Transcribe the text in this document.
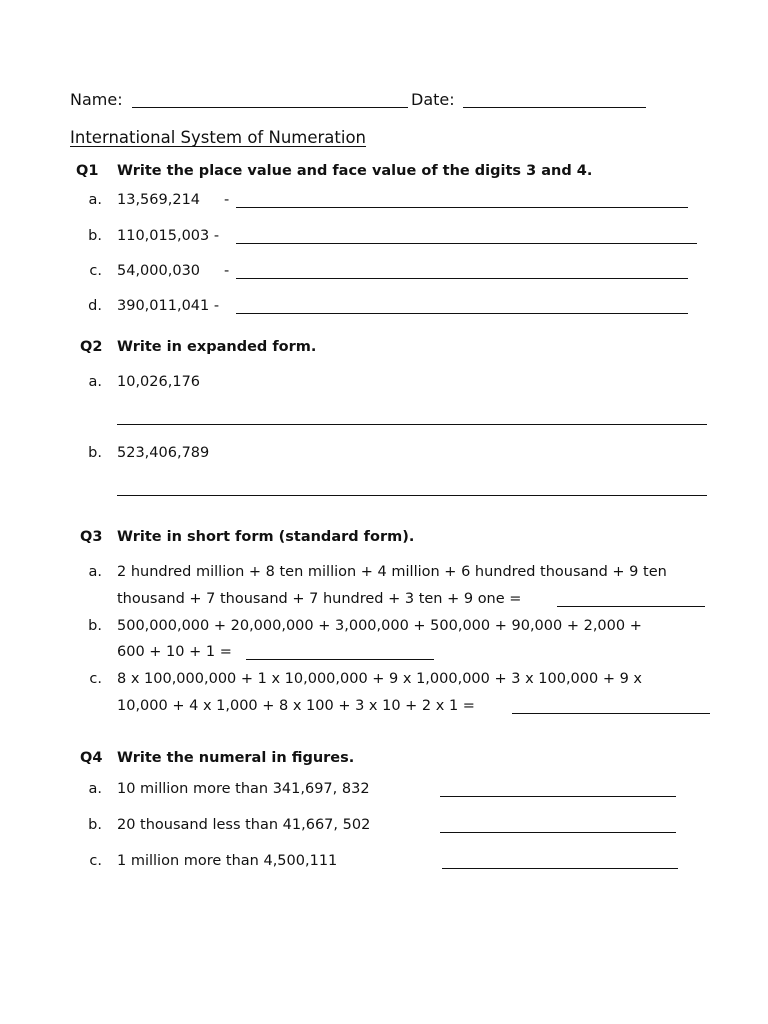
Name:	Date:
International System of Numeration
Q1 Write the place value and face value of the digits 3 and 4.
a. 13,569,214 -
b. 110,015,003 -
c. 54,000,030 -
d. 390,011,041 -
Q2 Write in expanded form.
a. 10,026,176
b. 523,406,789
Q3 Write in short form (standard form).
a. 2 hundred million + 8 ten million + 4 million + 6 hundred thousand + 9 ten
thousand + 7 thousand + 7 hundred + 3 ten + 9 one =
b. 500,000,000 + 20,000,000 + 3,000,000 + 500,000 + 90,000 + 2,000 +
600 + 10 + 1 =
c. 8 x 100,000,000 + 1 x 10,000,000 + 9 x 1,000,000 + 3 x 100,000 + 9 x
10,000 + 4 x 1,000 + 8 x 100 + 3 x 10 + 2 x 1 =
Q4 Write the numeral in figures.
a. 10 million more than 341,697, 832
b. 20 thousand less than 41,667, 502
c. 1 million more than 4,500,111
